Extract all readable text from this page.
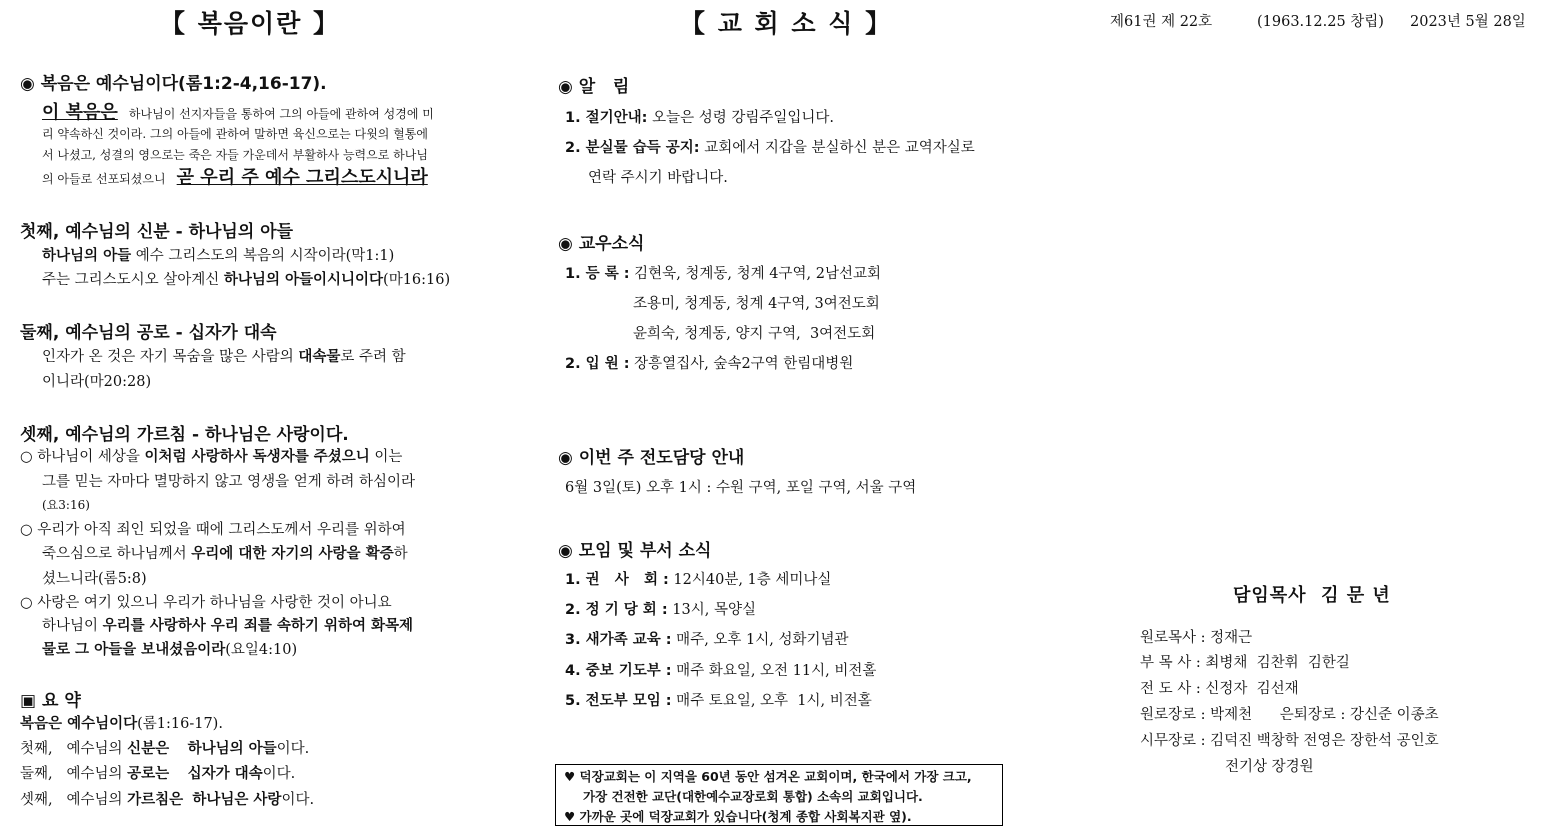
【 복음이란 】	【 교 회 소 식 】	제61권 제 22호	(1963.12.25 창립) 2023년 5월 28일
◉ 복음은 예수님이다(롬1:2-4,16-17).
이 복음은 하나님이 선지자들을 통하여 그의 아들에 관하여 성경에 미
리 약속하신 것이라. 그의 아들에 관하여 말하면 육신으로는 다윗의 혈통에
서 나셨고, 성결의 영으로는 죽은 자들 가운데서 부활하사 능력으로 하나님
의 아들로 선포되셨으니 곧 우리 주 예수 그리스도시니라
첫째, 예수님의 신분 - 하나님의 아들
하나님의 아들 예수 그리스도의 복음의 시작이라(막1:1)
주는 그리스도시오 살아계신 하나님의 아들이시니이다(마16:16)
둘째, 예수님의 공로 - 십자가 대속
인자가 온 것은 자기 목숨을 많은 사람의 대속물로 주려 함
이니라(마20:28)
셋째, 예수님의 가르침 - 하나님은 사랑이다.
○ 하나님이 세상을 이처럼 사랑하사 독생자를 주셨으니 이는
그를 믿는 자마다 멸망하지 않고 영생을 얻게 하려 하심이라
(요3:16)
○ 우리가 아직 죄인 되었을 때에 그리스도께서 우리를 위하여
죽으심으로 하나님께서 우리에 대한 자기의 사랑을 확증하
셨느니라(롬5:8)
○ 사랑은 여기 있으니 우리가 하나님을 사랑한 것이 아니요
하나님이 우리를 사랑하사 우리 죄를 속하기 위하여 화목제
물로 그 아들을 보내셨음이라(요일4:10)
▣ 요 약
복음은 예수님이다(롬1:16-17).
첫째,   예수님의 신분은 하나님의 아들이다.
둘째,   예수님의 공로는 십자가 대속이다.
셋째,   예수님의 가르침은 하나님은 사랑이다.
◉ 알   림
1. 절기안내: 오늘은 성령 강림주일입니다.
2. 분실물 습득 공지: 교회에서 지갑을 분실하신 분은 교역자실로
연락 주시기 바랍니다.
◉ 교우소식
1. 등 록 : 김현욱, 청계동, 청계 4구역, 2남선교회
조용미, 청계동, 청계 4구역, 3여전도회
윤희숙, 청계동, 양지 구역,  3여전도회
2. 입 원 : 장흥열집사, 숲속2구역 한림대병원
◉ 이번 주 전도담당 안내
6월 3일(토) 오후 1시 : 수원 구역, 포일 구역, 서울 구역
◉ 모임 및 부서 소식
1. 권   사   회 : 12시40분, 1층 세미나실
2. 정 기 당 회 : 13시, 목양실
3. 새가족 교육 : 매주, 오후 1시, 성화기념관
4. 중보 기도부 : 매주 화요일, 오전 11시, 비전홀
5. 전도부 모임 : 매주 토요일, 오후  1시, 비전홀
♥ 덕장교회는 이 지역을 60년 동안 섬겨온 교회이며, 한국에서 가장 크고,
가장 건전한 교단(대한예수교장로회 통합) 소속의 교회입니다.
♥ 가까운 곳에 덕장교회가 있습니다(청계 종합 사회복지관 옆).
담임목사  김 문 년
원로목사 : 정재근
부 목 사 : 최병채  김찬휘  김한길
전 도 사 : 신정자  김선재
원로장로 : 박제천      은퇴장로 : 강신준 이종초
시무장로 : 김덕진 백창학 전영은 장한석 공인호
전기상 장경원
